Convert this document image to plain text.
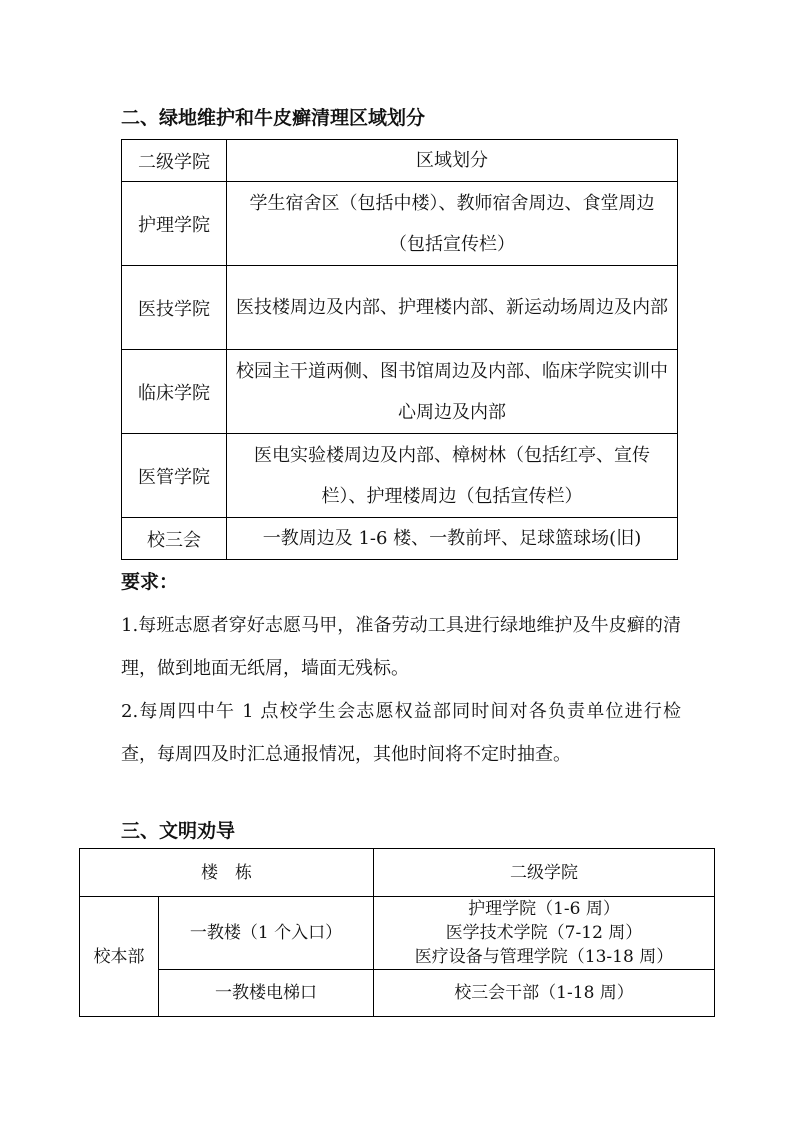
二、绿地维护和牛皮癣清理区域划分
二级学院	区域划分
护理学院	学生宿舍区（包括中楼）、教师宿舍周边、食堂周边（包括宣传栏）
医技学院	医技楼周边及内部、护理楼内部、新运动场周边及内部
临床学院	校园主干道两侧、图书馆周边及内部、临床学院实训中心周边及内部
医管学院	医电实验楼周边及内部、樟树林（包括红亭、宣传栏）、护理楼周边（包括宣传栏）
校三会	一教周边及 1-6 楼、一教前坪、足球篮球场(旧)
要求：

1.每班志愿者穿好志愿马甲，准备劳动工具进行绿地维护及牛皮癣的清理，做到地面无纸屑，墙面无残标。

2.每周四中午 1 点校学生会志愿权益部同时间对各负责单位进行检查，每周四及时汇总通报情况，其他时间将不定时抽查。

三、文明劝导
楼　栋		二级学院
校本部	一教楼（1 个入口）	护理学院（1-6 周）
医学技术学院（7-12 周）
医疗设备与管理学院（13-18 周）

	一教楼电梯口	校三会干部（1-18 周）
